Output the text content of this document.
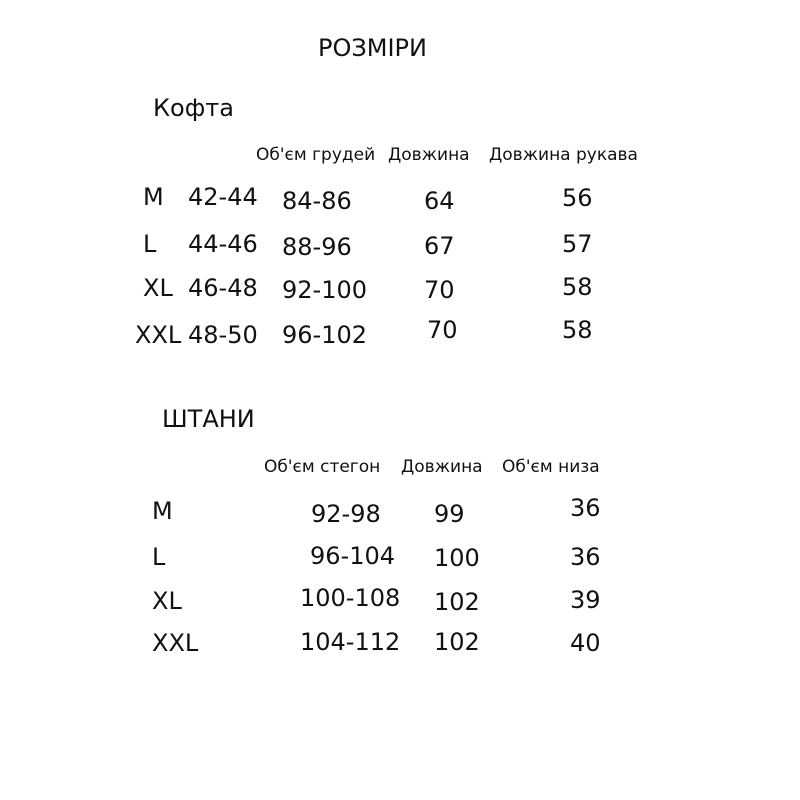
РОЗМІРИ
Кофта
Об'єм грудей Довжина Довжина рукава
M 42-44 84-86	64	56
L 44-46 88-96	67	57
XL 46-48 92-100 70	58
XXL 48-50 96-102 70	58
ШТАНИ
Об'єм стегон Довжина Об'єм низа
M	92-98 99	36
L	96-104 100	36
XL	100-108 102	39
XXL	104-112 102	40
